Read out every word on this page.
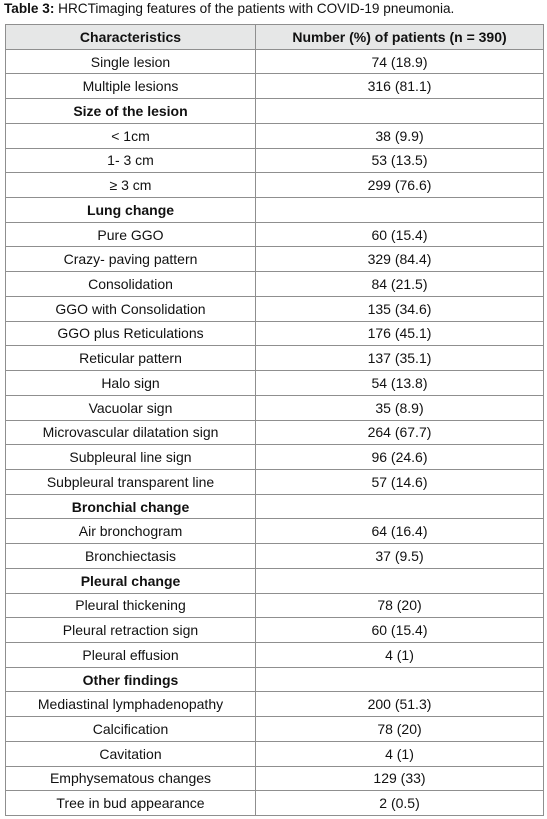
Table 3: HRCTimaging features of the patients with COVID-19 pneumonia.
Characteristics	Number (%) of patients (n = 390)
Single lesion	74 (18.9)
Multiple lesions	316 (81.1)
Size of the lesion	
< 1cm	38 (9.9)
1- 3 cm	53 (13.5)
≥ 3 cm	299 (76.6)
Lung change	
Pure GGO	60 (15.4)
Crazy- paving pattern	329 (84.4)
Consolidation	84 (21.5)
GGO with Consolidation	135 (34.6)
GGO plus Reticulations	176 (45.1)
Reticular pattern	137 (35.1)
Halo sign	54 (13.8)
Vacuolar sign	35 (8.9)
Microvascular dilatation sign	264 (67.7)
Subpleural line sign	96 (24.6)
Subpleural transparent line	57 (14.6)
Bronchial change	
Air bronchogram	64 (16.4)
Bronchiectasis	37 (9.5)
Pleural change	
Pleural thickening	78 (20)
Pleural retraction sign	60 (15.4)
Pleural effusion	4 (1)
Other findings	
Mediastinal lymphadenopathy	200 (51.3)
Calcification	78 (20)
Cavitation	4 (1)
Emphysematous changes	129 (33)
Tree in bud appearance	2 (0.5)
